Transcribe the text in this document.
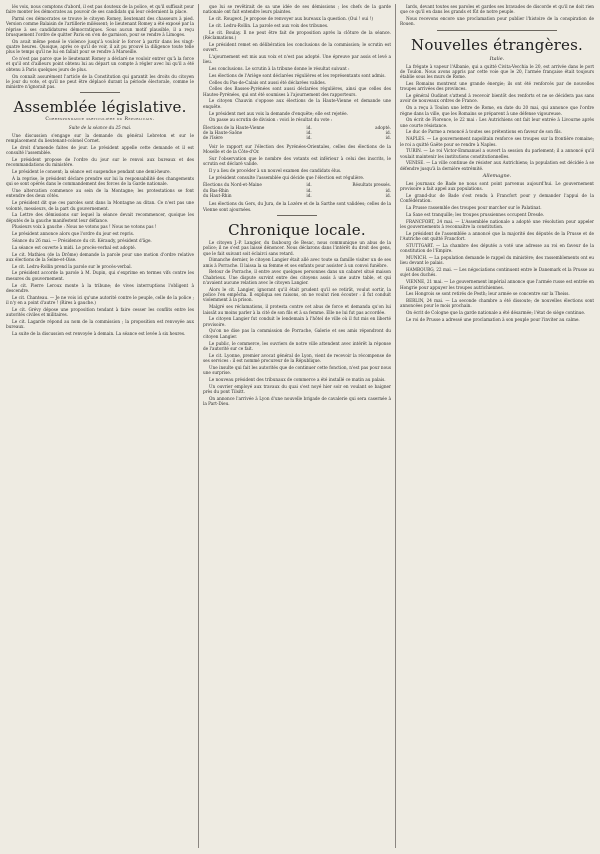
lés voix, nous comptons d'abord, il est pas douteux de la police, et qu'il suffisait pour faire monter les démocrates au pouvoir de ses candidats qui leur cèderaient la place.

Parmi ces démocrates se trouve le citoyen Romey, lieutenant des chasseurs à pied. Version comme Balaisin de l'artillerie miléssent; le lieutenant Romey a été exposé par la réprise à ses candidatures démocratiques. Sous aucun motif plausible, il a reçu brusquement l'ordre de quitter Paris en s'en de garnison, pour se rendre à Limoges.

On avait même pensé le violence jusqu'à vouloir le forcer à partir dans les vingt-quatre heures. Quoique, après ce qu'il de voir, il ait pu prouvé la diligence toute telle plus le temps qu'il ne lui en fallait pour se rendre à Marseille.

Ce n'est pas parce que le lieutenant Romey a déclaré ne vouloir entrer qu'à la force et qu'il ont d'ailleurs point obtenu lui au départ un compte à régler avec lui qu'il a été obtenu à Paris quelques jours de plus.

On connaît assurément l'article de la Constitution qui garantit les droits du citoyen le jour du vote, et qu'il ne peut être déplacé durant la période électorale, comme le ministre n'ignorait pas.

Assemblée législative.
Correspondance particulière du Républicain.
Suite de la séance du 25 mai.

Une discussion s'engage sur la demande du général Lebreton et sur le remplacement du lieutenant-colonel Cornet.

Le droit d'amende faites de jour. Le président appelle cette demande et il est consulté l'assemblée.

Le président propose de l'ordre du jour sur le renvoi aux bureaux et des recommandations du ministère.

Le président le consent; la séance est suspendue pendant une demi-heure.

À la reprise, le président déclare prendre sur lui la responsabilité des changements qui se sont opérés dans le commandement des forces de la Garde nationale.

Une altercation commence au sein de la Montagne; les protestations se font entendre des deux côtés.

Le président dit que ces paroles sont dans la Montagne au ditan. Ce n'est pas une volonté, messieurs, de la part du gouvernement.

La Lettre des démissions sur lequel la séance devait recommencer, quoique les députés de la gauche manifestent leur défiance.

Plusieurs voix à gauche : Nous ne votons pas ! Nous ne votons pas !

Le président annonce alors que l'ordre du jour est repris.

Séance du 26 mai. — Présidence du cit. Kéraudy, président d'âge.

La séance est ouverte à midi. Le procès-verbal est adopté.

Le cit. Mathieu (de la Drôme) demande la parole pour une motion d'ordre relative aux élections de la Seine-et-Oise.

Le cit. Ledru-Rollin prend la parole sur le procès-verbal.

Le président accorde la parole à M. Dupin, qui s'exprime en termes vifs contre les mesures du gouvernement.

Le cit. Pierre Leroux monte à la tribune; de vives interruptions l'obligent à descendre.

Le cit. Chanteau. — Je ne vois ici qu'une autorité contre le peuple, celle de la police ; il n'y en a point d'autre ! (Rires à gauche.)

Le cit. Grévy dépose une proposition tendant à faire cesser les conflits entre les autorités civiles et militaires.

Le cit. Lagarde répond au nom de la commission ; la proposition est renvoyée aux bureaux.

La suite de la discussion est renvoyée à demain. La séance est levée à six heures.

que lui se revêtirait de sa une idée de ses démissions ; les chefs de la garde nationale ont fait entendre leurs plaintes.

Le cit. Rougeot. Je propose de renvoyer aux bureaux la question. (Oui ! oui !)

Le cit. Ledru-Rollin. La parole est aux voix des tribunes.

Le cit. Boulay. Il ne peut être fait de proposition après la clôture de la séance. (Réclamations.)

Le président remet en délibération les conclusions de la commission; le scrutin est ouvert.

L'ajournement est mis aux voix et n'est pas adopté. Une épreuve par assis et levé a lieu.

Les conclusions. Le scrutin à la tribune donne le résultat suivant :

Les élections de l'Ariège sont déclarées régulières et les représentants sont admis.

Celles du Pas-de-Calais ont aussi été déclarées valides.

Celles des Basses-Pyrénées sont aussi déclarées régulières, ainsi que celles des Hautes-Pyrénées, qui ont été soumises à l'ajournement des rapporteurs.

Le citoyen Chauvin s'oppose aux élections de la Haute-Vienne et demande une enquête.

Le président met aux voix la demande d'enquête; elle est rejetée.

On passe au scrutin de division : voici le résultat du vote :

Élections de la Haute-Vienne	id.	adopté.
de la Haute-Saône	id.	id.
de l'Isère	id.	id.

Voir le rapport sur l'élection des Pyrénées-Orientales, celles des élections de la Moselle et de la Côte-d'Or.

Sur l'observation que le nombre des votants est inférieur à celui des inscrits, le scrutin est déclaré valide.

Il y a lieu de procéder à un nouvel examen des candidats élus.

Le président consulte l'assemblée qui décide que l'élection est régulière.

Élections du Nord-et-Maine	id.	Résultats pressés.
du Bas-Rhin	id.	id.
du Haut-Rhin	id.	id.

Les élections du Gers, du Jura, de la Lozère et de la Sarthe sont validées; celles de la Vienne sont ajournées.

Chronique locale.

Le citoyen J.-P. Langier, du faubourg de Besac, nous communique un abus de la police; il ne s'est pas laissé dénoncer. Nous déclarons dans l'intérêt du droit des gens, que le fait suivant soit éclairci sans retard.

Dimanche dernier, le citoyen Langier était allé avec toute sa famille visiter un de ses amis à Porrache. Il laissa la sa femme et ses enfants pour assister à un convoi funèbre.

Retour de Porrache, il entre avec quelques personnes dans un cabaret situé maison Chabrieux. Une dispute survint entre des citoyens assis à une autre table, et qui n'avaient aucune relation avec le citoyen Langier.

Alors le cit. Langier, ignorant qu'il était prudent qu'il se retirât, voulut sortir, la police l'en empêcha. Il expliqua ses raisons, on ne voulut rien écouter : il fut conduit violemment à la prison.

Malgré ses réclamations, il protesta contre cet abus de force et demanda qu'on lui laissât au moins parler à la cité de son fils et à sa femme. Elle ne lui fut pas accordée.

Le citoyen Langier fut conduit le lendemain à l'hôtel de ville où il fut mis en liberté provisoire.

Qu'on ne dise pas la commission de Porrache, Galerie et ses amis répondront du citoyen Langier.

Le public, le commerce, les ouvriers de notre ville attendent avec intérêt la réponse de l'autorité sur ce fait.

Le cit. Lyonne, premier avocat général de Lyon, vient de recevoir la récompense de ses services : il est nommé procureur de la République.

Une insulte qui fait les autorités que de continuer cette fonction, n'est pas pour nous une surprise.

Le nouveau président des tribunaux de commerce a été installé ce matin au palais.

Un ouvrier employé aux travaux du quai s'est noyé hier soir en voulant se baigner près du pont Tilsitt.

On annonce l'arrivée à Lyon d'une nouvelle brigade de cavalerie qui sera casernée à la Part-Dieu.

Iards, devant toutes ses paroles et gardes ses bravades de discorde et qu'il ne doit rien que ce qu'il en dans les grands et fût de notre peuple.

Nous recevons encore une proclamation pour publier l'histoire de la conspiration de Rouen.

Nouvelles étrangères.
Italie.

La frégate à vapeur l'Albanie, qui a quitté Civita-Vecchia le 20, est arrivée dans le port de Toulon. Nous avons appris par cette voie que le 20, l'armée française était toujours établie sous les murs de Rome.

Les Romains montrent une grande énergie; ils ont été renforcés par de nouvelles troupes arrivées des provinces.

Le général Oudinot s'attend à recevoir bientôt des renforts et ne se décidera pas sans avoir de nouveaux ordres de France.

On a reçu à Toulon une lettre de Rome, en date du 20 mai, qui annonce que l'ordre règne dans la ville, que les Romains se préparent à une défense vigoureuse.

On écrit de Florence, le 22 mai : Les Autrichiens ont fait leur entrée à Livourne après une courte résistance.

Le duc de Parme a renoncé à toutes ses prétentions en faveur de son fils.

NAPLES. — Le gouvernement napolitain renforce ses troupes sur la frontière romaine; le roi a quitté Gaëte pour se rendre à Naples.

TURIN. — Le roi Victor-Emmanuel a ouvert la session du parlement; il a annoncé qu'il voulait maintenir les institutions constitutionnelles.

VENISE. — La ville continue de résister aux Autrichiens; la population est décidée à se défendre jusqu'à la dernière extrémité.

Allemagne.

Les journaux de Bade ne nous sont point parvenus aujourd'hui. Le gouvernement provisoire a fait appel aux populations.

Le grand-duc de Bade s'est rendu à Francfort pour y demander l'appui de la Confédération.

La Prusse rassemble des troupes pour marcher sur le Palatinat.

La Saxe est tranquille; les troupes prussiennes occupent Dresde.

FRANCFORT, 24 mai. — L'Assemblée nationale a adopté une résolution pour appeler les gouvernements à reconnaître la constitution.

Le président de l'assemblée a annoncé que la majorité des députés de la Prusse et de l'Autriche ont quitté Francfort.

STUTTGART. — La chambre des députés a voté une adresse au roi en faveur de la constitution de l'Empire.

MUNICH. — La population demande le rappel du ministère; des rassemblements ont eu lieu devant le palais.

HAMBOURG, 22 mai. — Les négociations continuent entre le Danemark et la Prusse au sujet des duchés.

VIENNE, 21 mai. — Le gouvernement impérial annonce que l'armée russe est entrée en Hongrie pour appuyer les troupes autrichiennes.

Les Hongrois se sont retirés de Pesth; leur armée se concentre sur la Theiss.

BERLIN, 24 mai. — La seconde chambre a été dissoute; de nouvelles élections sont annoncées pour le mois prochain.

On écrit de Cologne que la garde nationale a été désarmée; l'état de siège continue.

Le roi de Prusse a adressé une proclamation à son peuple pour l'inviter au calme.
